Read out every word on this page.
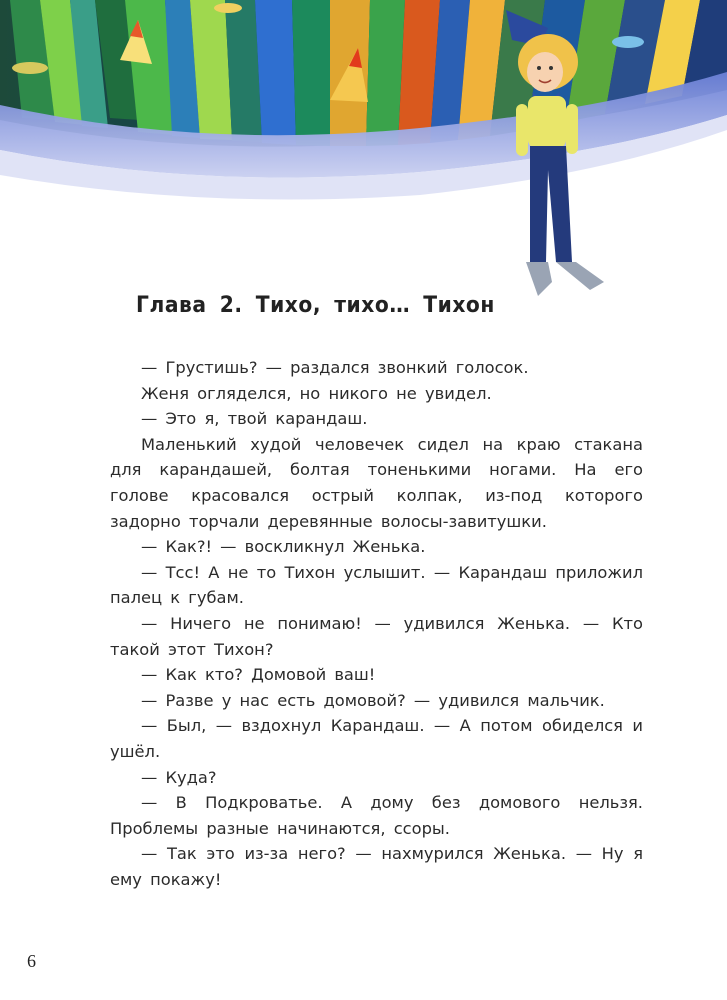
Глава 2. Тихо, тихо… Тихон

— Грустишь? — раздался звонкий голосок.

Женя огляделся, но никого не увидел.

— Это я, твой карандаш.

Маленький худой человечек сидел на краю стакана для карандашей, болтая тоненькими ногами. На его голове красовался острый колпак, из-под которого задорно торчали деревянные волосы-завитушки.

— Как?! — воскликнул Женька.

— Тсс! А не то Тихон услышит. — Карандаш приложил палец к губам.

— Ничего не понимаю! — удивился Женька. — Кто такой этот Тихон?

— Как кто? Домовой ваш!

— Разве у нас есть домовой? — удивился мальчик.

— Был, — вздохнул Карандаш. — А потом обиделся и ушёл.

— Куда?

— В Подкроватье. А дому без домового нельзя. Проблемы разные начинаются, ссоры.

— Так это из-за него? — нахмурился Женька. — Ну я ему покажу!

6
